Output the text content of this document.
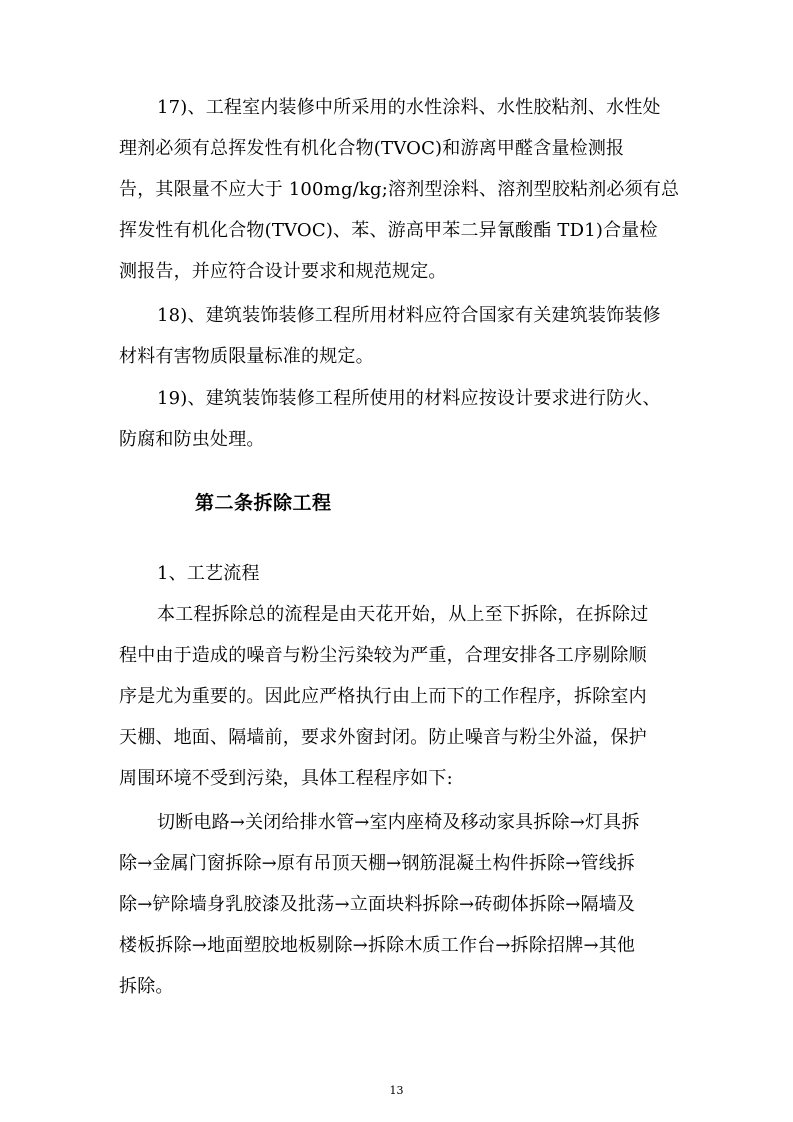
17)、工程室内装修中所采用的水性涂料、水性胶粘剂、水性处
理剂必须有总挥发性有机化合物(TVOC)和游离甲醛含量检测报
告，其限量不应大于 100mg/kg;溶剂型涂料、溶剂型胶粘剂必须有总
挥发性有机化合物(TVOC)、苯、游高甲苯二异氰酸酯 TD1)合量检
测报告，并应符合设计要求和规范规定。
18)、建筑装饰装修工程所用材料应符合国家有关建筑装饰装修
材料有害物质限量标准的规定。
19)、建筑装饰装修工程所使用的材料应按设计要求进行防火、
防腐和防虫处理。
第二条拆除工程
1、工艺流程
本工程拆除总的流程是由天花开始，从上至下拆除，在拆除过
程中由于造成的噪音与粉尘污染较为严重，合理安排各工序剔除顺
序是尤为重要的。因此应严格执行由上而下的工作程序，拆除室内
天棚、地面、隔墙前，要求外窗封闭。防止噪音与粉尘外溢，保护
周围环境不受到污染，具体工程程序如下:
切断电路→关闭给排水管→室内座椅及移动家具拆除→灯具拆
除→金属门窗拆除→原有吊顶天棚→钢筋混凝土构件拆除→管线拆
除→铲除墙身乳胶漆及批荡→立面块料拆除→砖砌体拆除→隔墙及
楼板拆除→地面塑胶地板剔除→拆除木质工作台→拆除招牌→其他
拆除。
13
